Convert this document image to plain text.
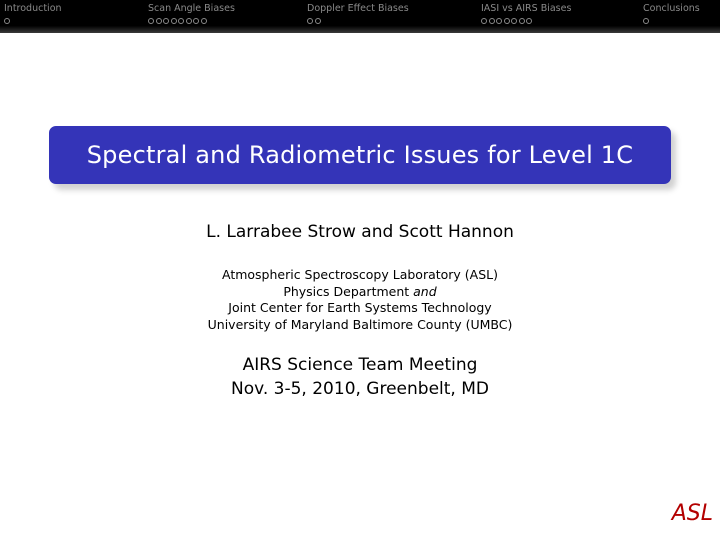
Introduction	Scan Angle Biases	Doppler Effect Biases	IASI vs AIRS Biases	Conclusions
Spectral and Radiometric Issues for Level 1C
L. Larrabee Strow and Scott Hannon
Atmospheric Spectroscopy Laboratory (ASL)
Physics Department and
Joint Center for Earth Systems Technology
University of Maryland Baltimore County (UMBC)
AIRS Science Team Meeting
Nov. 3-5, 2010, Greenbelt, MD
ASL
